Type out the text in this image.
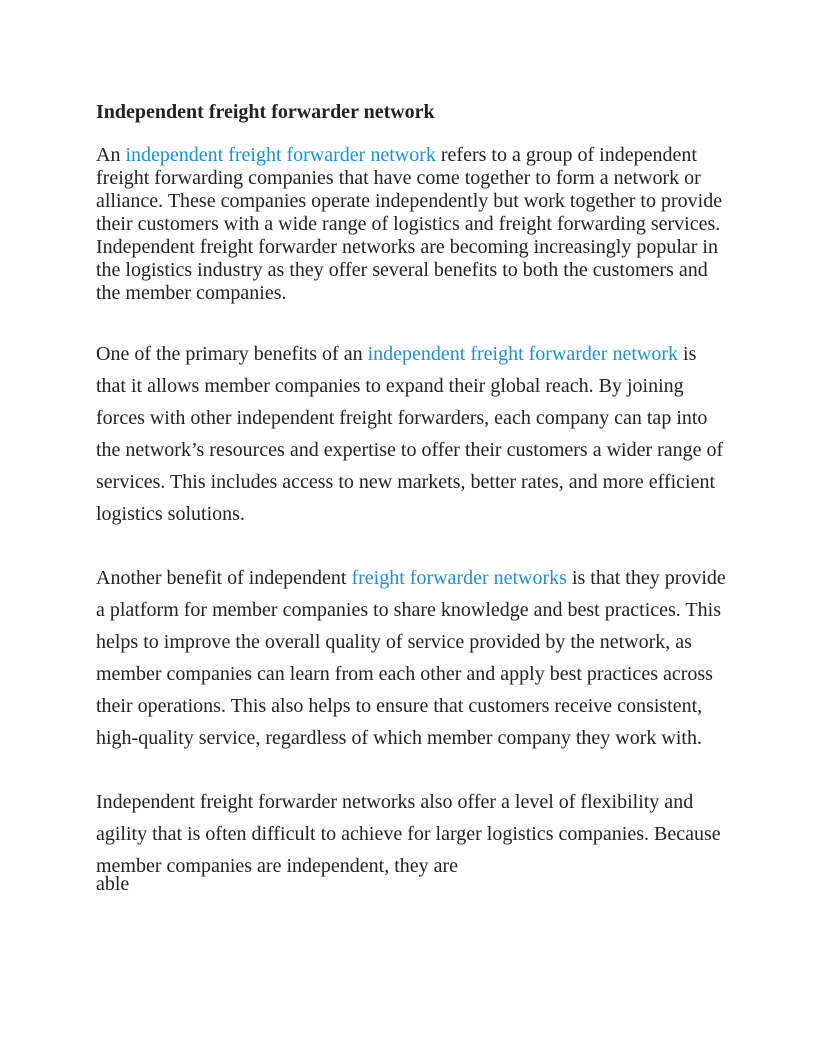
Independent freight forwarder network

An independent freight forwarder network refers to a group of independent freight forwarding companies that have come together to form a network or alliance. These companies operate independently but work together to provide their customers with a wide range of logistics and freight forwarding services. Independent freight forwarder networks are becoming increasingly popular in the logistics industry as they offer several benefits to both the customers and the member companies.

One of the primary benefits of an independent freight forwarder network is that it allows member companies to expand their global reach. By joining forces with other independent freight forwarders, each company can tap into the network’s resources and expertise to offer their customers a wider range of services. This includes access to new markets, better rates, and more efficient logistics solutions.

Another benefit of independent freight forwarder networks is that they provide a platform for member companies to share knowledge and best practices. This helps to improve the overall quality of service provided by the network, as member companies can learn from each other and apply best practices across their operations. This also helps to ensure that customers receive consistent, high-quality service, regardless of which member company they work with.

Independent freight forwarder networks also offer a level of flexibility and agility that is often difficult to achieve for larger logistics companies. Because member companies are independent, they are
able
